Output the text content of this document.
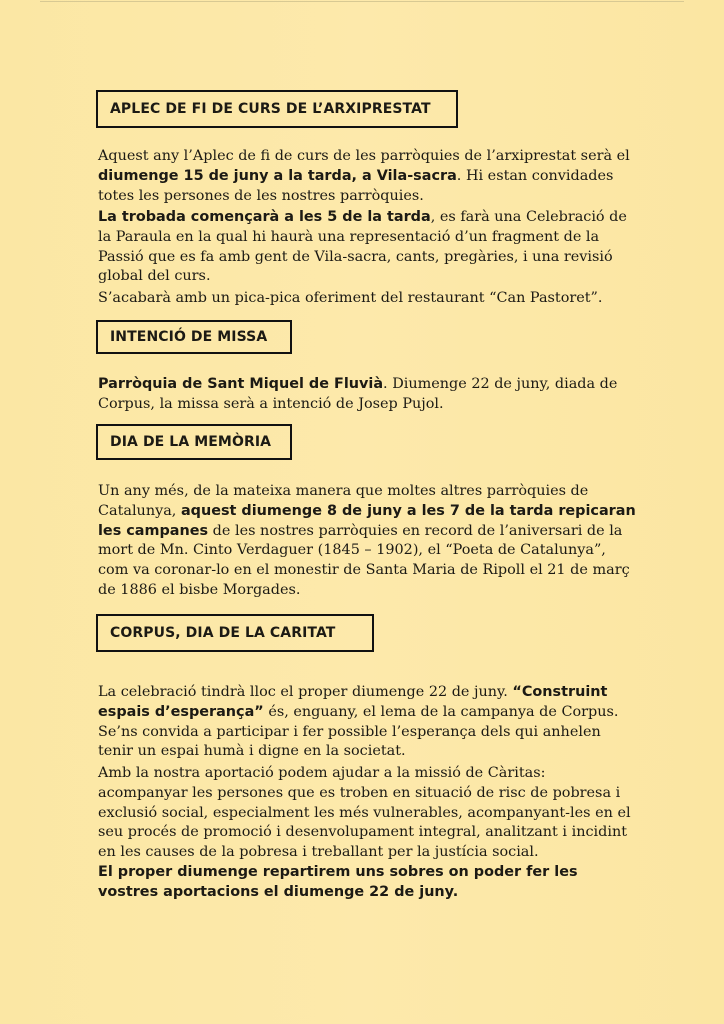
APLEC DE FI DE CURS DE L’ARXIPRESTAT

Aquest any l’Aplec de fi de curs de les parròquies de l’arxiprestat serà el diumenge 15 de juny a la tarda, a Vila-sacra. Hi estan convidades totes les persones de les nostres parròquies.

La trobada començarà a les 5 de la tarda, es farà una Celebració de la Paraula en la qual hi haurà una representació d’un fragment de la Passió que es fa amb gent de Vila-sacra, cants, pregàries, i una revisió global del curs.

S’acabarà amb un pica-pica oferiment del restaurant “Can Pastoret”.

INTENCIÓ DE MISSA

Parròquia de Sant Miquel de Fluvià. Diumenge 22 de juny, diada de Corpus, la missa serà a intenció de Josep Pujol.

DIA DE LA MEMÒRIA

Un any més, de la mateixa manera que moltes altres parròquies de Catalunya, aquest diumenge 8 de juny a les 7 de la tarda repicaran les campanes de les nostres parròquies en record de l’aniversari de la mort de Mn. Cinto Verdaguer (1845 – 1902), el “Poeta de Catalunya”, com va coronar-lo en el monestir de Santa Maria de Ripoll el 21 de març de 1886 el bisbe Morgades.

CORPUS, DIA DE LA CARITAT

La celebració tindrà lloc el proper diumenge 22 de juny. “Construint espais d’esperança” és, enguany, el lema de la campanya de Corpus. Se’ns convida a participar i fer possible l’esperança dels qui anhelen tenir un espai humà i digne en la societat.

Amb la nostra aportació podem ajudar a la missió de Càritas: acompanyar les persones que es troben en situació de risc de pobresa i exclusió social, especialment les més vulnerables, acompanyant-les en el seu procés de promoció i desenvolupament integral, analitzant i incidint en les causes de la pobresa i treballant per la justícia social.

El proper diumenge repartirem uns sobres on poder fer les vostres aportacions el diumenge 22 de juny.
